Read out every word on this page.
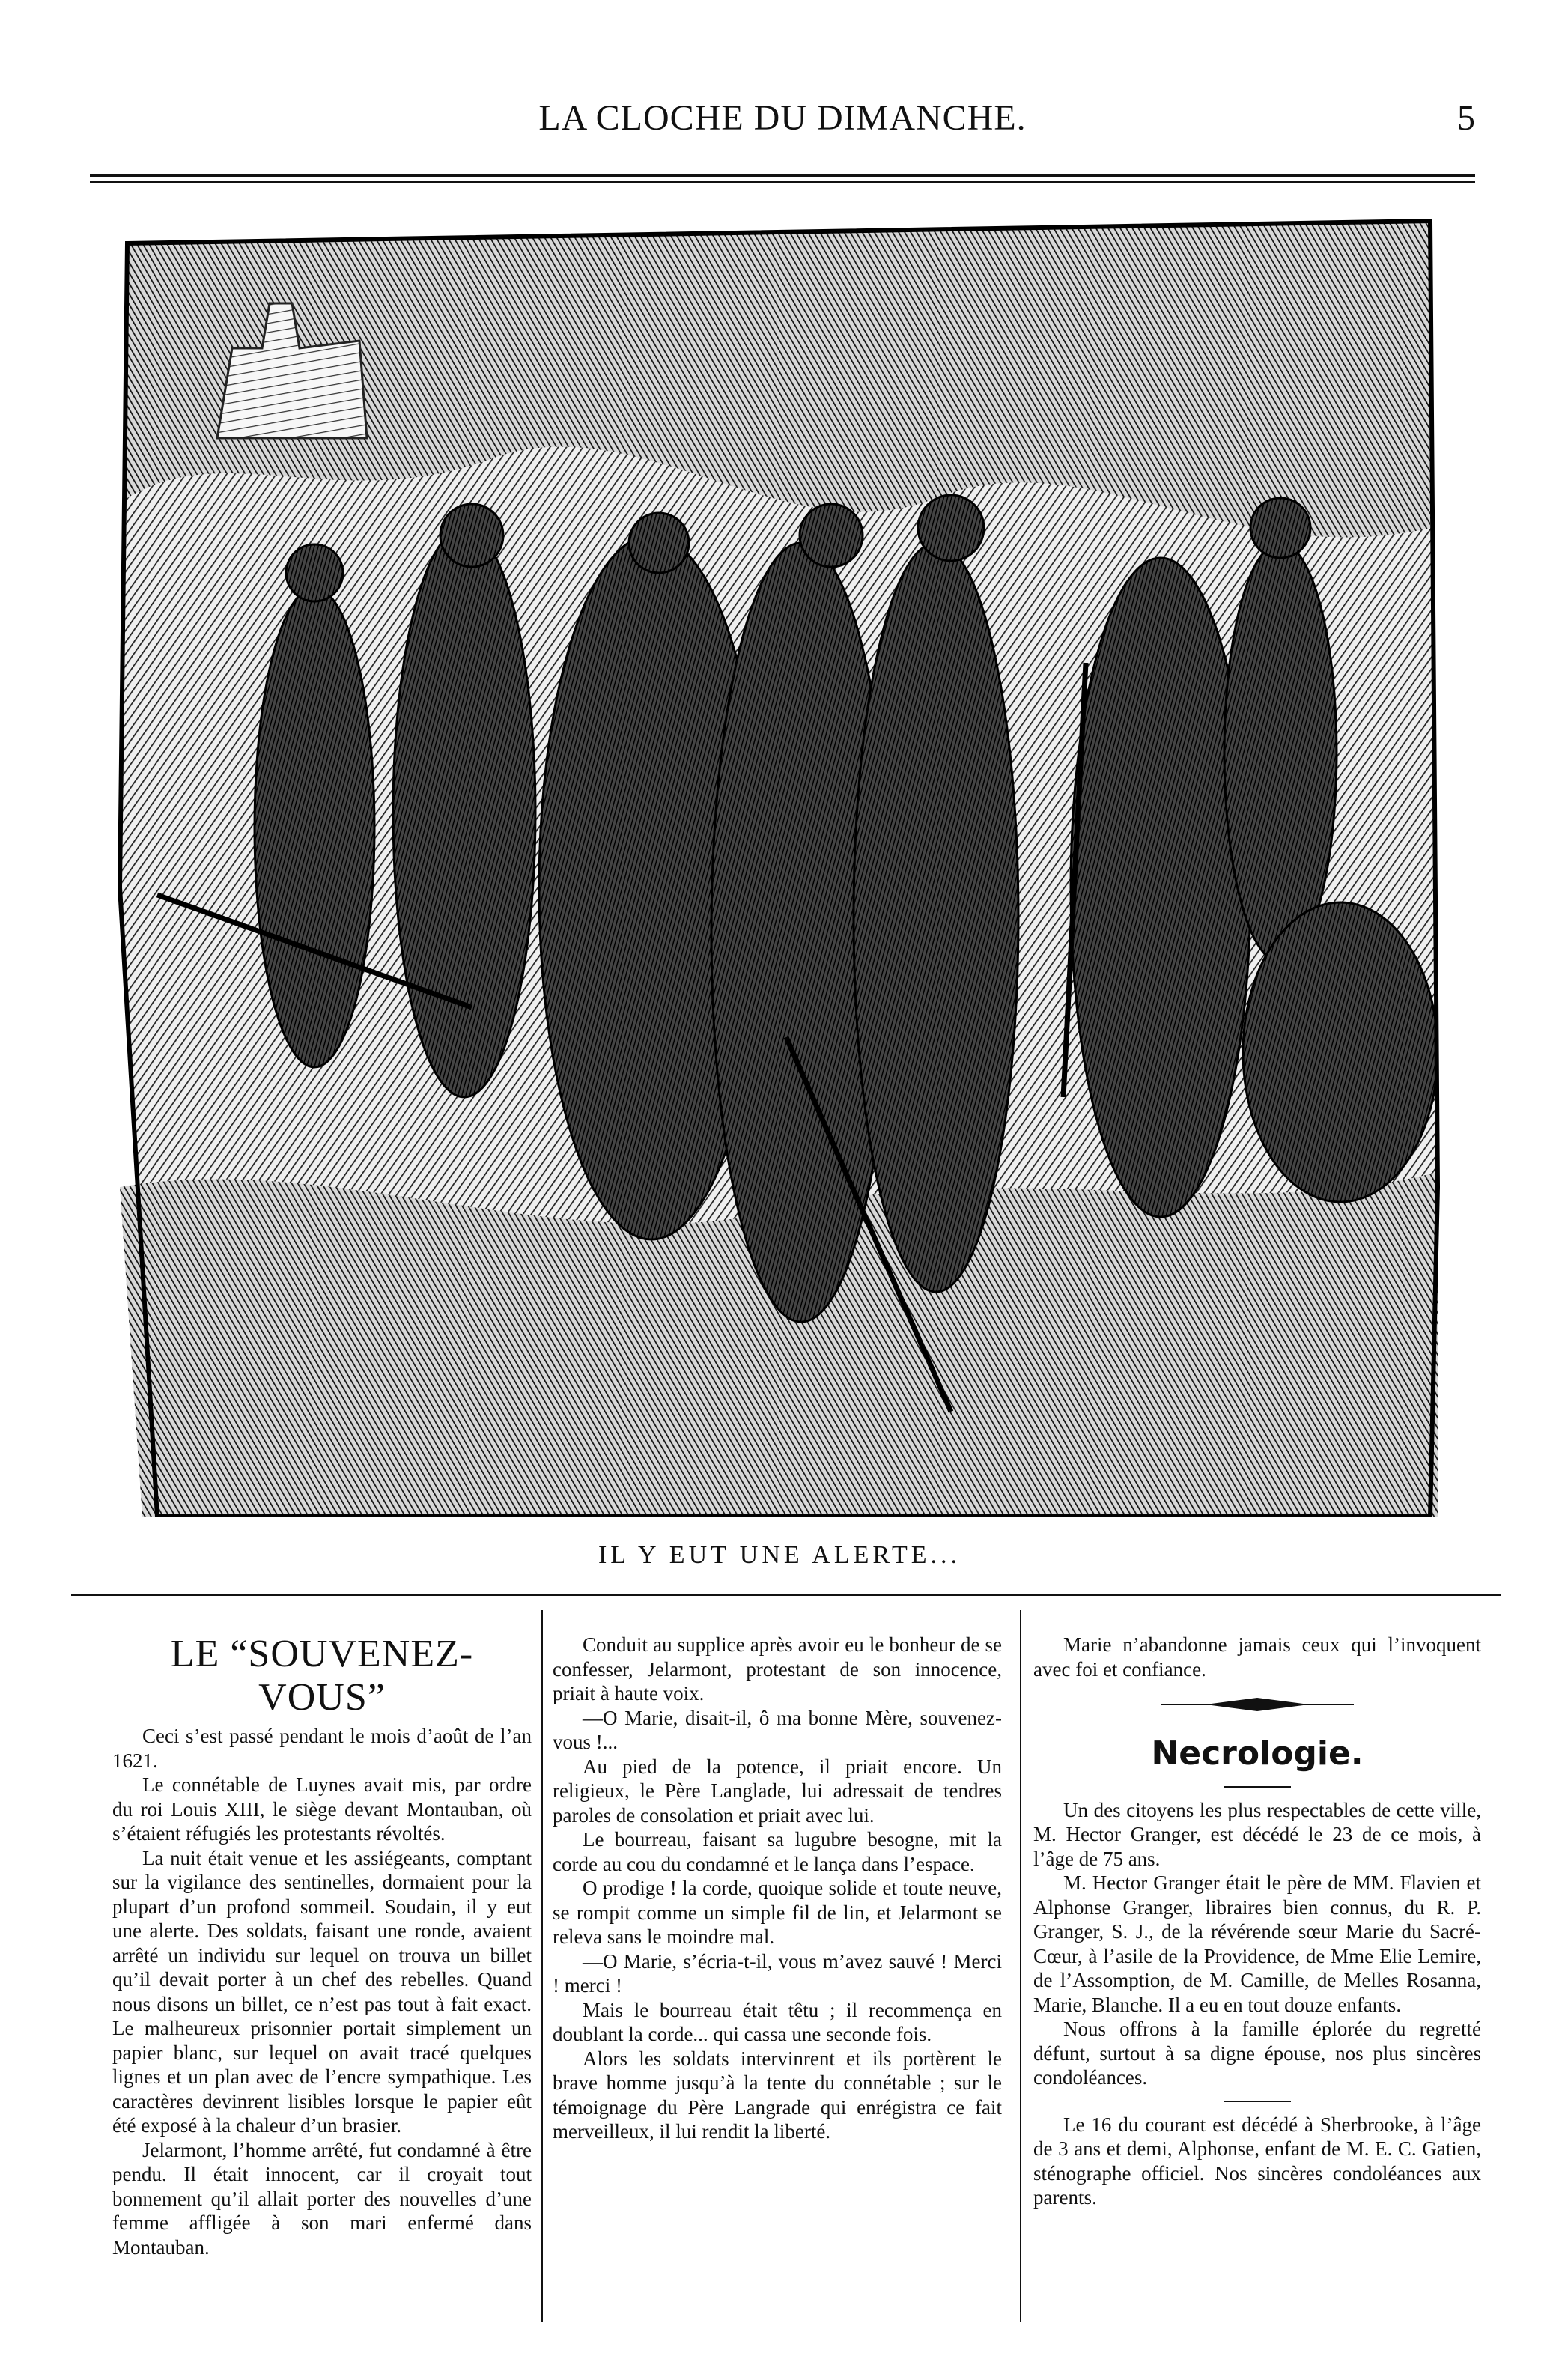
LA CLOCHE DU DIMANCHE.	5
IL Y EUT UNE ALERTE...
LE “SOUVENEZ-VOUS”

Ceci s’est passé pendant le mois d’août de l’an 1621.

Le connétable de Luynes avait mis, par ordre du roi Louis XIII, le siège devant Montauban, où s’étaient réfugiés les protestants révoltés.

La nuit était venue et les assiégeants, comptant sur la vigilance des sentinelles, dormaient pour la plupart d’un profond sommeil. Soudain, il y eut une alerte. Des soldats, faisant une ronde, avaient arrêté un individu sur lequel on trouva un billet qu’il devait porter à un chef des rebelles. Quand nous disons un billet, ce n’est pas tout à fait exact. Le malheureux prisonnier portait simplement un papier blanc, sur lequel on avait tracé quelques lignes et un plan avec de l’encre sympathique. Les caractères devinrent lisibles lorsque le papier eût été exposé à la chaleur d’un brasier.

Jelarmont, l’homme arrêté, fut condamné à être pendu. Il était innocent, car il croyait tout bonnement qu’il allait porter des nouvelles d’une femme affligée à son mari enfermé dans Montauban.

Conduit au supplice après avoir eu le bonheur de se confesser, Jelarmont, protestant de son innocence, priait à haute voix.

—O Marie, disait-il, ô ma bonne Mère, souvenez-vous !...

Au pied de la potence, il priait encore. Un religieux, le Père Langlade, lui adressait de tendres paroles de consolation et priait avec lui.

Le bourreau, faisant sa lugubre besogne, mit la corde au cou du condamné et le lança dans l’espace.

O prodige ! la corde, quoique solide et toute neuve, se rompit comme un simple fil de lin, et Jelarmont se releva sans le moindre mal.

—O Marie, s’écria-t-il, vous m’avez sauvé ! Merci ! merci !

Mais le bourreau était têtu ; il recommença en doublant la corde... qui cassa une seconde fois.

Alors les soldats intervinrent et ils portèrent le brave homme jusqu’à la tente du connétable ; sur le témoignage du Père Langrade qui enrégistra ce fait merveilleux, il lui rendit la liberté.

Marie n’abandonne jamais ceux qui l’invoquent avec foi et confiance.

Necrologie.

Un des citoyens les plus respectables de cette ville, M. Hector Granger, est décédé le 23 de ce mois, à l’âge de 75 ans.

M. Hector Granger était le père de MM. Flavien et Alphonse Granger, libraires bien connus, du R. P. Granger, S. J., de la révérende sœur Marie du Sacré-Cœur, à l’asile de la Providence, de Mme Elie Lemire, de l’Assomption, de M. Camille, de Melles Rosanna, Marie, Blanche. Il a eu en tout douze enfants.

Nous offrons à la famille éplorée du regretté défunt, surtout à sa digne épouse, nos plus sincères condoléances.

Le 16 du courant est décédé à Sherbrooke, à l’âge de 3 ans et demi, Alphonse, enfant de M. E. C. Gatien, sténographe officiel. Nos sincères condoléances aux parents.
